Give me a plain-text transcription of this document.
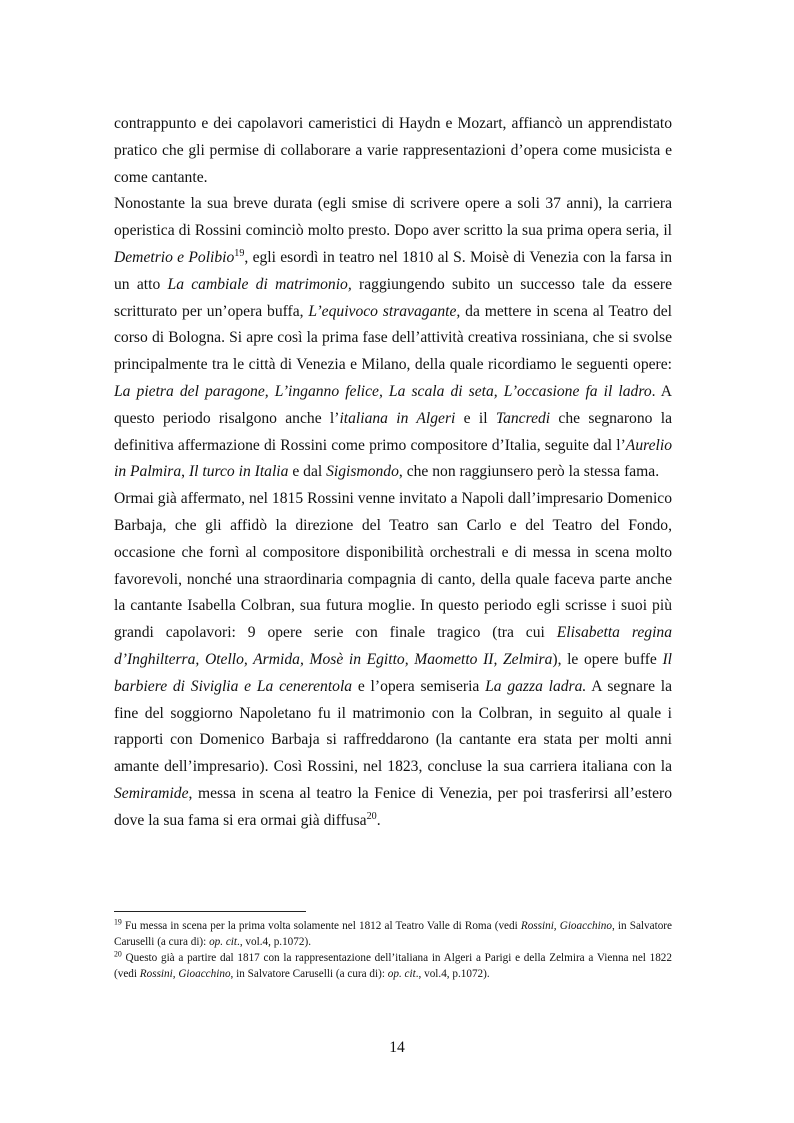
contrappunto e dei capolavori cameristici di Haydn e Mozart, affiancò un apprendistato pratico che gli permise di collaborare a varie rappresentazioni d’opera come musicista e come cantante.

Nonostante la sua breve durata (egli smise di scrivere opere a soli 37 anni), la carriera operistica di Rossini cominciò molto presto. Dopo aver scritto la sua prima opera seria, il Demetrio e Polibio$^{19}$, egli esordì in teatro nel 1810 al S. Moisè di Venezia con la farsa in un atto La cambiale di matrimonio, raggiungendo subito un successo tale da essere scritturato per un’opera buffa, L’equivoco stravagante, da mettere in scena al Teatro del corso di Bologna. Si apre così la prima fase dell’attività creativa rossiniana, che si svolse principalmente tra le città di Venezia e Milano, della quale ricordiamo le seguenti opere: La pietra del paragone, L’inganno felice, La scala di seta, L’occasione fa il ladro. A questo periodo risalgono anche l’italiana in Algeri e il Tancredi che segnarono la definitiva affermazione di Rossini come primo compositore d’Italia, seguite dal l’Aurelio in Palmira, Il turco in Italia e dal Sigismondo, che non raggiunsero però la stessa fama.

Ormai già affermato, nel 1815 Rossini venne invitato a Napoli dall’impresario Domenico Barbaja, che gli affidò la direzione del Teatro san Carlo e del Teatro del Fondo, occasione che fornì al compositore disponibilità orchestrali e di messa in scena molto favorevoli, nonché una straordinaria compagnia di canto, della quale faceva parte anche la cantante Isabella Colbran, sua futura moglie. In questo periodo egli scrisse i suoi più grandi capolavori: 9 opere serie con finale tragico (tra cui Elisabetta regina d’Inghilterra, Otello, Armida, Mosè in Egitto, Maometto II, Zelmira), le opere buffe Il barbiere di Siviglia e La cenerentola e l’opera semiseria La gazza ladra. A segnare la fine del soggiorno Napoletano fu il matrimonio con la Colbran, in seguito al quale i rapporti con Domenico Barbaja si raffreddarono (la cantante era stata per molti anni amante dell’impresario). Così Rossini, nel 1823, concluse la sua carriera italiana con la Semiramide, messa in scena al teatro la Fenice di Venezia, per poi trasferirsi all’estero dove la sua fama si era ormai già diffusa$^{20}$.

$^{19}$ Fu messa in scena per la prima volta solamente nel 1812 al Teatro Valle di Roma (vedi Rossini, Gioacchino, in Salvatore Caruselli (a cura di): op. cit., vol.4, p.1072).

$^{20}$ Questo già a partire dal 1817 con la rappresentazione dell’italiana in Algeri a Parigi e della Zelmira a Vienna nel 1822 (vedi Rossini, Gioacchino, in Salvatore Caruselli (a cura di): op. cit., vol.4, p.1072).

14
